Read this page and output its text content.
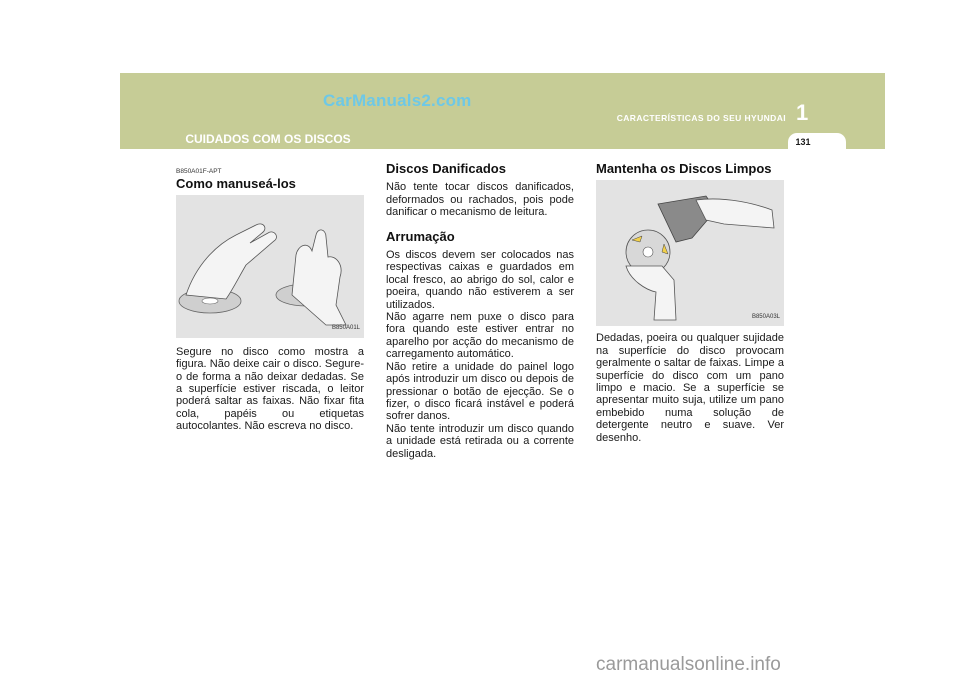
CarManuals2.com
CARACTERÍSTICAS DO SEU HYUNDAI 1
131
CUIDADOS COM OS DISCOS
B850A01F-APT
Como manuseá-los
B850A01L

Segure no disco como mostra a figura. Não deixe cair o disco. Segure-o de forma a não deixar dedadas. Se a superfície estiver riscada, o leitor poderá saltar as faixas. Não fixar fita cola, papéis ou etiquetas autocolantes. Não escreva no disco.

Discos Danificados

Não tente tocar discos danificados, deformados ou rachados, pois pode danificar o mecanismo de leitura.

Arrumação

Os discos devem ser colocados nas respectivas caixas e guardados em local fresco, ao abrigo do sol, calor e poeira, quando não estiverem a ser utilizados.

Não agarre nem puxe o disco para fora quando este estiver entrar no aparelho por acção do mecanismo de carregamento automático.

Não retire a unidade do painel logo após introduzir um disco ou depois de pressionar o botão de ejecção. Se o fizer, o disco ficará instável e poderá sofrer danos.

Não tente introduzir um disco quando a unidade está retirada ou a corrente desligada.

Mantenha os Discos Limpos
B850A03L

Dedadas, poeira ou qualquer sujidade na superfície do disco provocam geralmente o saltar de faixas. Limpe a superfície do disco com um pano limpo e macio. Se a superfície se apresentar muito suja, utilize um pano embebido numa solução de detergente neutro e suave. Ver desenho.

carmanualsonline.info
